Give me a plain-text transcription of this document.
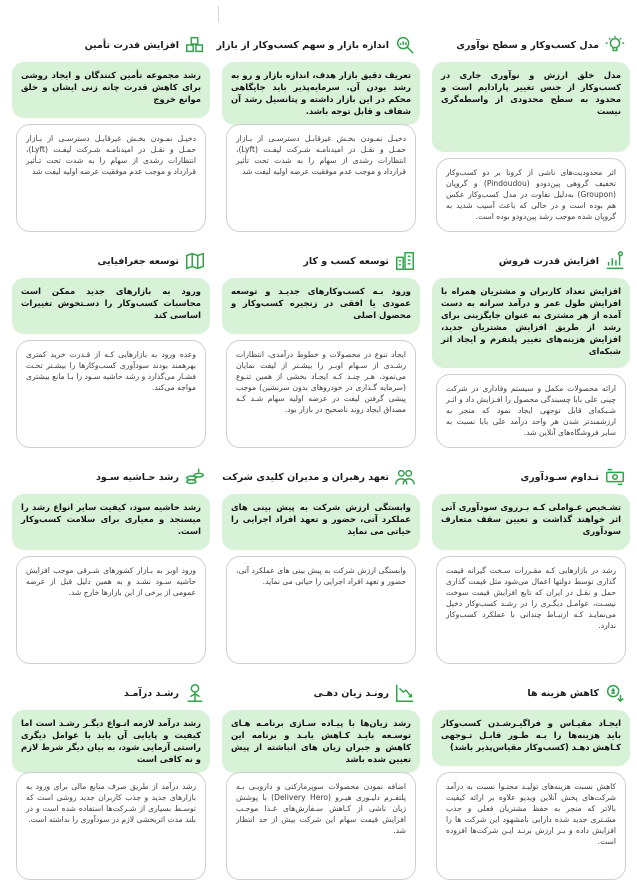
مدل کسب‌وکار و سطح نوآوری
مدل خلق ارزش و نوآوری جاری در کسب‌وکار از جنس تغییر پارادایم است و محدود به سطح محدودی از واسطه‌گری نیست
اثر محدودیت‌های ناشی از کرونا بر دو کسب‌وکار تخفیف گروهی پین‌دودو (Pindoudou) و گروپان (Groupon) به‌دلیل تفاوت در مدل کسب‌وکار عکس هم بوده است و در حالی که باعث آسیب شدید به گروپان شده موجب رشد پین‌دودو بوده است.
اندازه بازار و سهم کسب‌وکار از بازار
تعریف دقیق بازار هدف، اندازه بازار و رو به رشد بودن آن. سرمایه‌پذیر باید جایگاهی محکم در این بازار داشته و پتانسیل رشد آن شفاف و قابل توجه باشد.
دخیـل نمـودن بخـش غیرقابـل دسترسـی از بـازار حمـل و نقـل در امیدنامـه شـرکت لیفـت (Lyft)، انتظارات رشدی از سهام را به شدت تحت تأثیر قرارداد و موجب عدم موفقیت عرضه اولیه لیفت شد
افزایش قدرت تأمین
رشد مجموعه تأمین کنندگان و ایجاد روشی برای کاهش قدرت چانه زنی ایشان و خلق موانع خروج
دخیـل نمـودن بخـش غیرقابـل دسترسـی از بـازار حمـل و نقـل در امیدنامـه شـرکت لیفـت (Lyft)، انتظارات رشدی از سهام را به شدت تحت تـأثیر قرارداد و موجب عدم موفقیت عرضه اولیه لیفت شد
افزایش قدرت فروش
افزایش تعداد کاربران و مشتریان همراه با افزایش طول عمر و درآمد سرانه به دست آمده از هر مشتری به عنوان جایگزینی برای رشد از طریق افزایش مشتریان جدید، افزایش هزینه‌های تغییر پلتفرم و ایجاد اثر شبکه‌ای
ارائه محصولات مکمل و سیستم وفاداری در شرکت چینی علی بابا چسبندگی محصول را افـزایش داد و اثـر شـبکه‌ای قابل توجهی ایجاد نمود که منجر به ارزشمندتر شدن هر واحد درآمد علی بابا نسبت به سایر فروشگاه‌های آنلاین شد.
توسعه کسب و کار
ورود بـه کسب‌وکارهای جدیـد و توسعه عمودی یا افقی در زنجیره کسب‌وکار و محصول اصلی
ایجاد تنوع در محصولات و خطوط درآمدی، انتظارات رشـدی از سـهام اوبـر را بیشـتر از لیفت نمایان می‌نمود، هـر چنـد کـه ایجـاد بخشی از همین تنـوع (سرمایه گـذاری در خودروهای بدون سرنشین) موجب پیشی گرفتن لیفت در عرضه اولیه سهام شـد کـه مصداق ایجاد روند ناصحیح در بازار بود.
توسعه جغرافیایی
ورود به بازارهای جدید ممکن است محاسبات کسب‌وکار را دسـتخوش تغییرات اساسی کند
وعده ورود به بازارهایی کـه از قـدرت خرید کمتری بهرهمند بودند سودآوری کسب‌وکارها را بیشـتر تحـت فشـار می‌گذارد و رشد حاشیه سـود را بـا مانع بیشتری مواجه می‌کند.
تـداوم سـودآوری
تشـخیص عـواملی کـه بـرروی سودآوری آتی اثر خواهند گذاشت و تعیین سقف متعارف سودآوری
رشد در بازارهایی کـه مقـررات سـخت گیرانه قیمت گذاری توسط دولتها اعمال می‌شود مثل قیمت گذاری حمل و نقـل در ایران که تابع افزایش قیمت سوخت نیسـت، عوامـل دیگـری را در رشـد کسب‌وکار دخیل می‌نمایـد کـه ارتبـاط چندانی با عملکرد کسب‌وکار ندارد.
تعهد رهبران و مدیران کلیدی شرکت
وابستگی ارزش شرکت به پیش بینی های عملکرد آتی، حضور و تعهد افراد اجرایی را حیاتی می نماید
وابستگی ارزش شرکت به پیش بینی های عملکرد آتی، حضور و تعهد افراد اجرایی را حیاتی می نماید.
رشد حـاشیه سـود
رشد حاشیه سود، کیفیت سایر انواع رشد را میسنجد و معیاری برای سلامت کسب‌وکار است.
ورود اوبر به بـازار کشورهای شـرقی موجب افزایش حاشیه سـود نشـد و به همین دلیل قبل از عرضه عمومی از برخی از این بازارها خارج شد.
کاهش هزینه ها
ایجـاد مقیـاس و فراگیـرشـدن کسب‌وکار باید هزینه‌ها را بـه طـور قابـل تـوجهی کـاهش دهـد (کسب‌وکار مقیاس‌پذیر باشد)
کاهش نسبت هزینه‌های تولیـد محتـوا نسبت به درآمد شرکت‌های پخش آنلاین ویدیو علاوه بر ارائه کیفیت بالاتر که منجر به حفظ مشتریان فعلی و جذب مشـتری جدید شده دارایی نامشهود این شرکت ها را افزایش داده و بـر ارزش برنـد ایـن شرکت‌ها افزوده است.
رونـد زیان دهـی
رشد زیان‌ها با پیـاده سـازی برنامـه هـای توسـعه بایـد کـاهش یابـد و برنامه این کاهش و جبران زیان های انباشته از پیش تعیین شده باشد
اضافه نمودن محصولات سوپرمارکتی و دارویـی بـه پلتفـرم دلیـوری هیـرو (Delivery Hero) با پوشش زیان ناشی از کـاهش سـفارش‌های غـذا موجـب افزایش قیمت سهام این شرکت بیش از حد انتظار شد.
رشـد درآمـد
رشد درآمد لازمه انـواع دیگـر رشـد است اما کیفیت و پایایی آن باید با عوامل دیگری راستی آزمایی شود، به بیان دیگر شرط لازم و نه کافی است
رشد درآمد از طریق صرف منابع مالی برای ورود به بازارهای جدید و جذب کاربران جدید روشی است که توسـط بسیاری از شـرکت‌ها استفاده شده است و در بلند مدت اثربخشی لازم در سودآوری را نداشته است.
